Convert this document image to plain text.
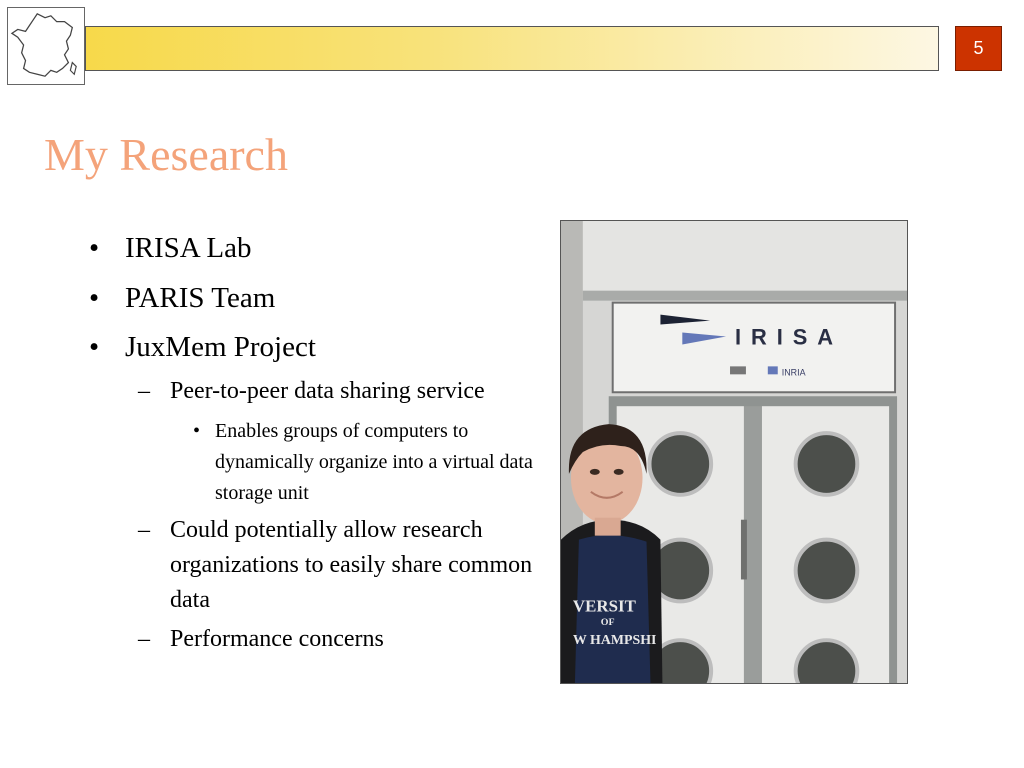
5
My Research
• IRISA Lab
• PARIS Team
• JuxMem Project
– Peer-to-peer data sharing service
• Enables groups of computers to dynamically organize into a virtual data storage unit
– Could potentially allow research organizations to easily share common data
– Performance concerns
IRISA
INRIA
VERSIT
OF
W HAMPSHI
